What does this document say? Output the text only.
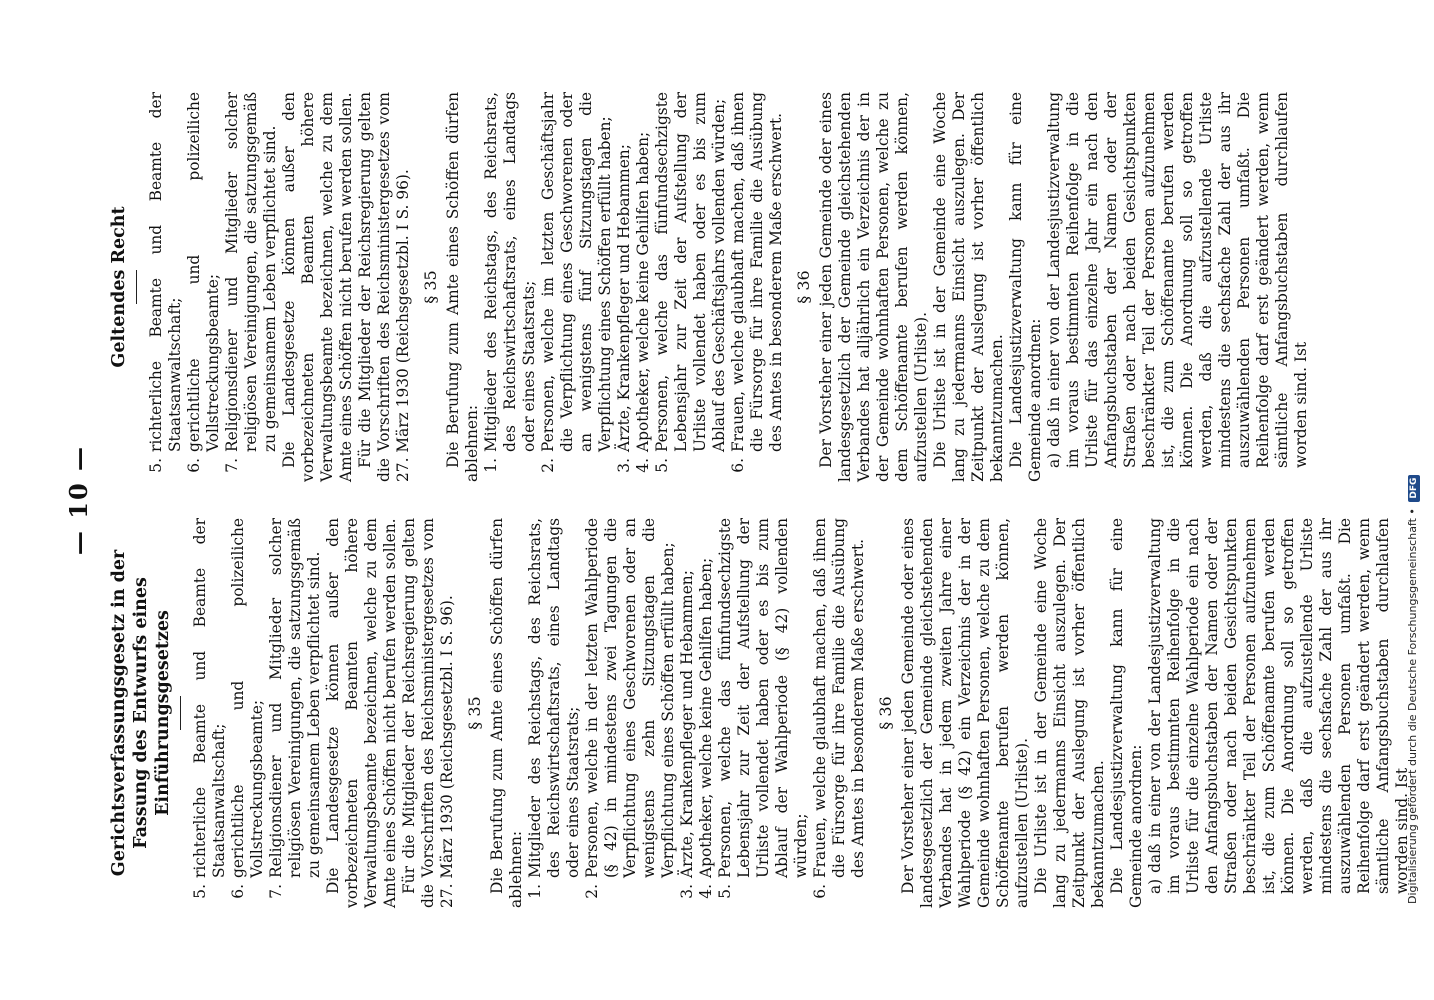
— 10 —
Gerichtsverfassungsgesetz in der Fassung des Entwurfs eines Einführungsgesetzes
5.
richterliche Beamte und Beamte der Staatsanwaltschaft;
6.
gerichtliche und polizeiliche Vollstreckungsbeamte;
7.
Religionsdiener und Mitglieder solcher religiösen Vereinigungen, die satzungsgemäß zu gemeinsamem Leben verpflichtet sind. Die Landesgesetze können außer den vorbezeichneten Beamten höhere Verwaltungsbeamte bezeichnen, welche zu dem Amte eines Schöffen nicht berufen werden sollen. Für die Mitglieder der Reichsregierung gelten die Vorschriften des Reichsministergesetzes vom 27. März 1930 (Reichsgesetzbl. I S. 96). § 35 Die Berufung zum Amte eines Schöffen dürfen ablehnen: 1.
Mitglieder des Reichstags, des Reichsrats, des Reichswirtschaftsrats, eines Landtags oder eines Staatsrats;
2.
Personen, welche in der letzten Wahlperiode (§ 42) in mindestens zwei Tagungen die Verpflichtung eines Geschworenen oder an wenigstens zehn Sitzungstagen die Verpflichtung eines Schöffen erfüllt haben;
3.
Ärzte, Krankenpfleger und Hebammen;
4.
Apotheker, welche keine Gehilfen haben;
5.
Personen, welche das fünfundsechzigste Lebensjahr zur Zeit der Aufstellung der Urliste vollendet haben oder es bis zum Ablauf der Wahlperiode (§ 42) vollenden würden;
6.
Frauen, welche glaubhaft machen, daß ihnen die Fürsorge für ihre Familie die Ausübung des Amtes in besonderem Maße erschwert. § 36 Der Vorsteher einer jeden Gemeinde oder eines landesgesetzlich der Gemeinde gleichstehenden Verbandes hat in jedem zweiten Jahre einer Wahlperiode (§ 42) ein Verzeichnis der in der Gemeinde wohnhaften Personen, welche zu dem Schöffenamte berufen werden können, aufzustellen (Urliste). Die Urliste ist in der Gemeinde eine Woche lang zu jedermanns Einsicht auszulegen. Der Zeitpunkt der Auslegung ist vorher öffentlich bekanntzumachen. Die Landesjustizverwaltung kann für eine Gemeinde anordnen: a) daß in einer von der Landesjustizverwaltung im voraus bestimmten Reihenfolge in die Urliste für die einzelne Wahlperiode ein nach den Anfangsbuchstaben der Namen oder der Straßen oder nach beiden Gesichtspunkten beschränkter Teil der Personen aufzunehmen ist, die zum Schöffenamte berufen werden können. Die Anordnung soll so getroffen werden, daß die aufzustellende Urliste mindestens die sechsfache Zahl der aus ihr auszuwählenden Personen umfaßt. Die Reihenfolge darf erst geändert werden, wenn sämtliche Anfangsbuchstaben durchlaufen worden sind. Ist

Geltendes Recht
5.
richterliche Beamte und Beamte der Staatsanwaltschaft;
6.
gerichtliche und polizeiliche Vollstreckungsbeamte;
7.
Religionsdiener und Mitglieder solcher religiösen Vereinigungen, die satzungsgemäß zu gemeinsamem Leben verpflichtet sind. Die Landesgesetze können außer den vorbezeichneten Beamten höhere Verwaltungsbeamte bezeichnen, welche zu dem Amte eines Schöffen nicht berufen werden sollen. Für die Mitglieder der Reichsregierung gelten die Vorschriften des Reichsministergesetzes vom 27. März 1930 (Reichsgesetzbl. I S. 96). § 35 Die Berufung zum Amte eines Schöffen dürfen ablehnen: 1.
Mitglieder des Reichstags, des Reichsrats, des Reichswirtschaftsrats, eines Landtags oder eines Staatsrats;
2.
Personen, welche im letzten Geschäftsjahr die Verpflichtung eines Geschworenen oder an wenigstens fünf Sitzungstagen die Verpflichtung eines Schöffen erfüllt haben;
3.
Ärzte, Krankenpfleger und Hebammen;
4.
Apotheker, welche keine Gehilfen haben;
5.
Personen, welche das fünfundsechzigste Lebensjahr zur Zeit der Aufstellung der Urliste vollendet haben oder es bis zum Ablauf des Geschäftsjahrs vollenden würden;
6.
Frauen, welche glaubhaft machen, daß ihnen die Fürsorge für ihre Familie die Ausübung des Amtes in besonderem Maße erschwert. § 36 Der Vorsteher einer jeden Gemeinde oder eines landesgesetzlich der Gemeinde gleichstehenden Verbandes hat alljährlich ein Verzeichnis der in der Gemeinde wohnhaften Personen, welche zu dem Schöffenamte berufen werden können, aufzustellen (Urliste). Die Urliste ist in der Gemeinde eine Woche lang zu jedermanns Einsicht auszulegen. Der Zeitpunkt der Auslegung ist vorher öffentlich bekanntzumachen. Die Landesjustizverwaltung kann für eine Gemeinde anordnen: a) daß in einer von der Landesjustizverwaltung im voraus bestimmten Reihenfolge in die Urliste für das einzelne Jahr ein nach den Anfangsbuchstaben der Namen oder der Straßen oder nach beiden Gesichtspunkten beschränkter Teil der Personen aufzunehmen ist, die zum Schöffenamte berufen werden können. Die Anordnung soll so getroffen werden, daß die aufzustellende Urliste mindestens die sechsfache Zahl der aus ihr auszuwählenden Personen umfaßt. Die Reihenfolge darf erst geändert werden, wenn sämtliche Anfangsbuchstaben durchlaufen worden sind. Ist

Digitalisierung gefördert durch die Deutsche Forschungsgemeinschaft • DFG
